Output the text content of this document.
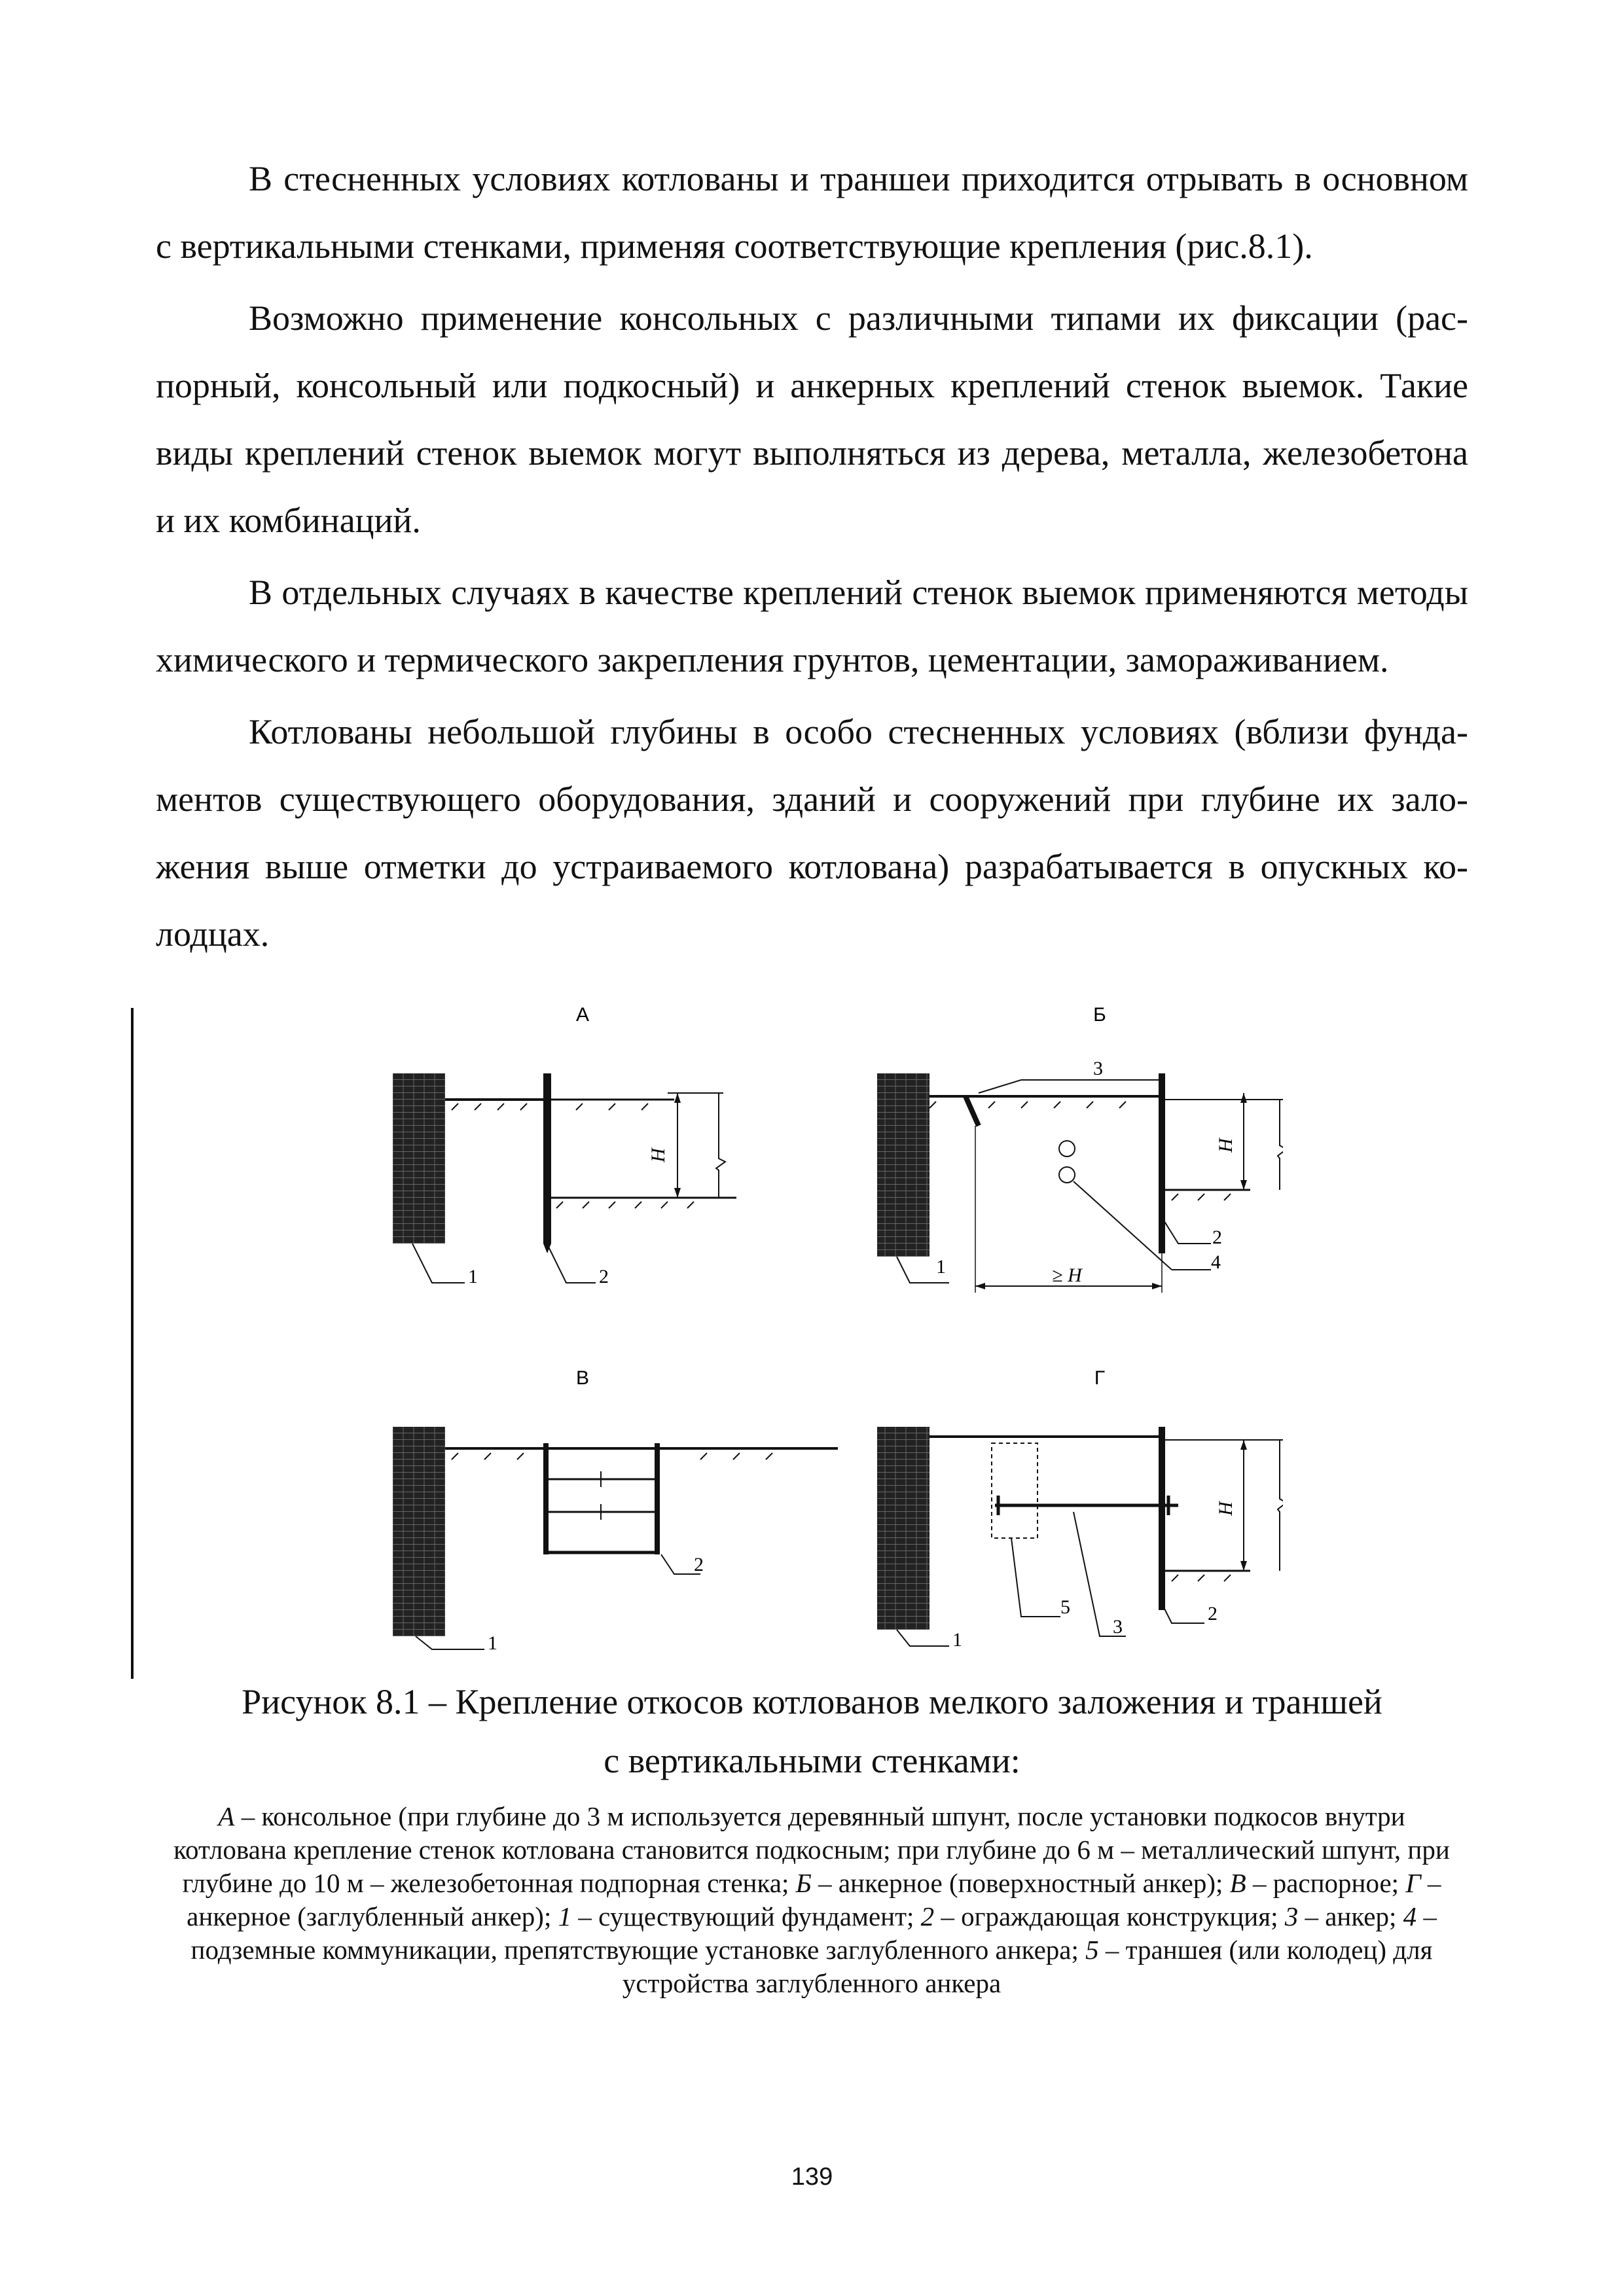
В стесненных условиях котлованы и траншеи приходится отрывать в основном с вертикальными стенками, применяя соответствующие крепления (рис.8.1).

Возможно применение консольных с различными типами их фиксации (распорный, консольный или подкосный) и анкерных креплений стенок выемок. Такие виды креплений стенок выемок могут выполняться из дерева, металла, железобетона и их комбинаций.

В отдельных случаях в качестве креплений стенок выемок применяются методы химического и термического закрепления грунтов, цементации, замораживанием.

Котлованы небольшой глубины в особо стесненных условиях (вблизи фундаментов существующего оборудования, зданий и сооружений при глубине их заложения выше отметки до устраиваемого котлована) разрабатывается в опускных колодцах.

А
H
1	2
Б
H
3
4
2
1	≥ H
В
2
1
Г
H
1
5
3
2
Рисунок 8.1 – Крепление откосов котлованов мелкого заложения и траншей
с вертикальными стенками:
А – консольное (при глубине до 3 м используется деревянный шпунт, после установки подкосов внутри котлована крепление стенок котлована становится подкосным; при глубине до 6 м – металлический шпунт, при глубине до 10 м – железобетонная подпорная стенка; Б – анкерное (поверхностный анкер); В – распорное; Г – анкерное (заглубленный анкер); 1 – существующий фундамент; 2 – ограждающая конструкция; 3 – анкер; 4 – подземные коммуникации, препятствующие установке заглубленного анкера; 5 – траншея (или колодец) для устройства заглубленного анкера
139
